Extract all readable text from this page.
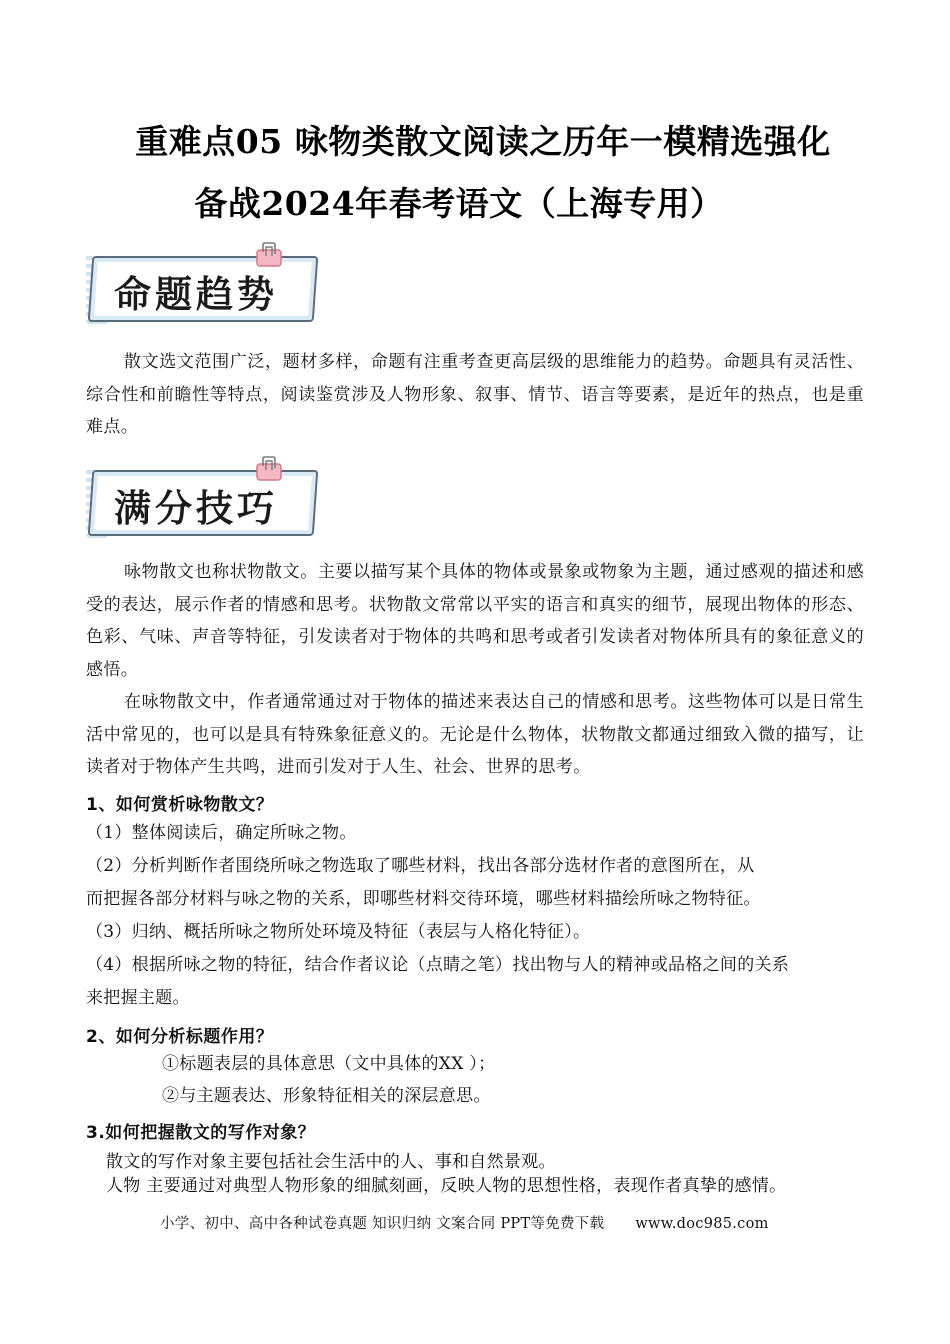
重难点05 咏物类散文阅读之历年一模精选强化
备战2024年春考语文（上海专用）
命题趋势
散文选文范围广泛，题材多样，命题有注重考查更高层级的思维能力的趋势。命题具有灵活性、综合性和前瞻性等特点，阅读鉴赏涉及人物形象、叙事、情节、语言等要素，是近年的热点，也是重难点。
满分技巧
咏物散文也称状物散文。主要以描写某个具体的物体或景象或物象为主题，通过感观的描述和感受的表达，展示作者的情感和思考。状物散文常常以平实的语言和真实的细节，展现出物体的形态、色彩、气味、声音等特征，引发读者对于物体的共鸣和思考或者引发读者对物体所具有的象征意义的感悟。
在咏物散文中，作者通常通过对于物体的描述来表达自己的情感和思考。这些物体可以是日常生活中常见的，也可以是具有特殊象征意义的。无论是什么物体，状物散文都通过细致入微的描写，让读者对于物体产生共鸣，进而引发对于人生、社会、世界的思考。
1、如何赏析咏物散文？
（1）整体阅读后，确定所咏之物。
（2）分析判断作者围绕所咏之物选取了哪些材料，找出各部分选材作者的意图所在，从
而把握各部分材料与咏之物的关系，即哪些材料交待环境，哪些材料描绘所咏之物特征。
（3）归纳、概括所咏之物所处环境及特征（表层与人格化特征）。
（4）根据所咏之物的特征，结合作者议论（点睛之笔）找出物与人的精神或品格之间的关系
来把握主题。
2、如何分析标题作用？
①标题表层的具体意思（文中具体的XX ）；
②与主题表达、形象特征相关的深层意思。
3.如何把握散文的写作对象？
散文的写作对象主要包括社会生活中的人、事和自然景观。
人物 主要通过对典型人物形象的细腻刻画，反映人物的思想性格，表现作者真挚的感情。
小学、初中、高中各种试卷真题 知识归纳 文案合同 PPT等免费下载 www.doc985.com
